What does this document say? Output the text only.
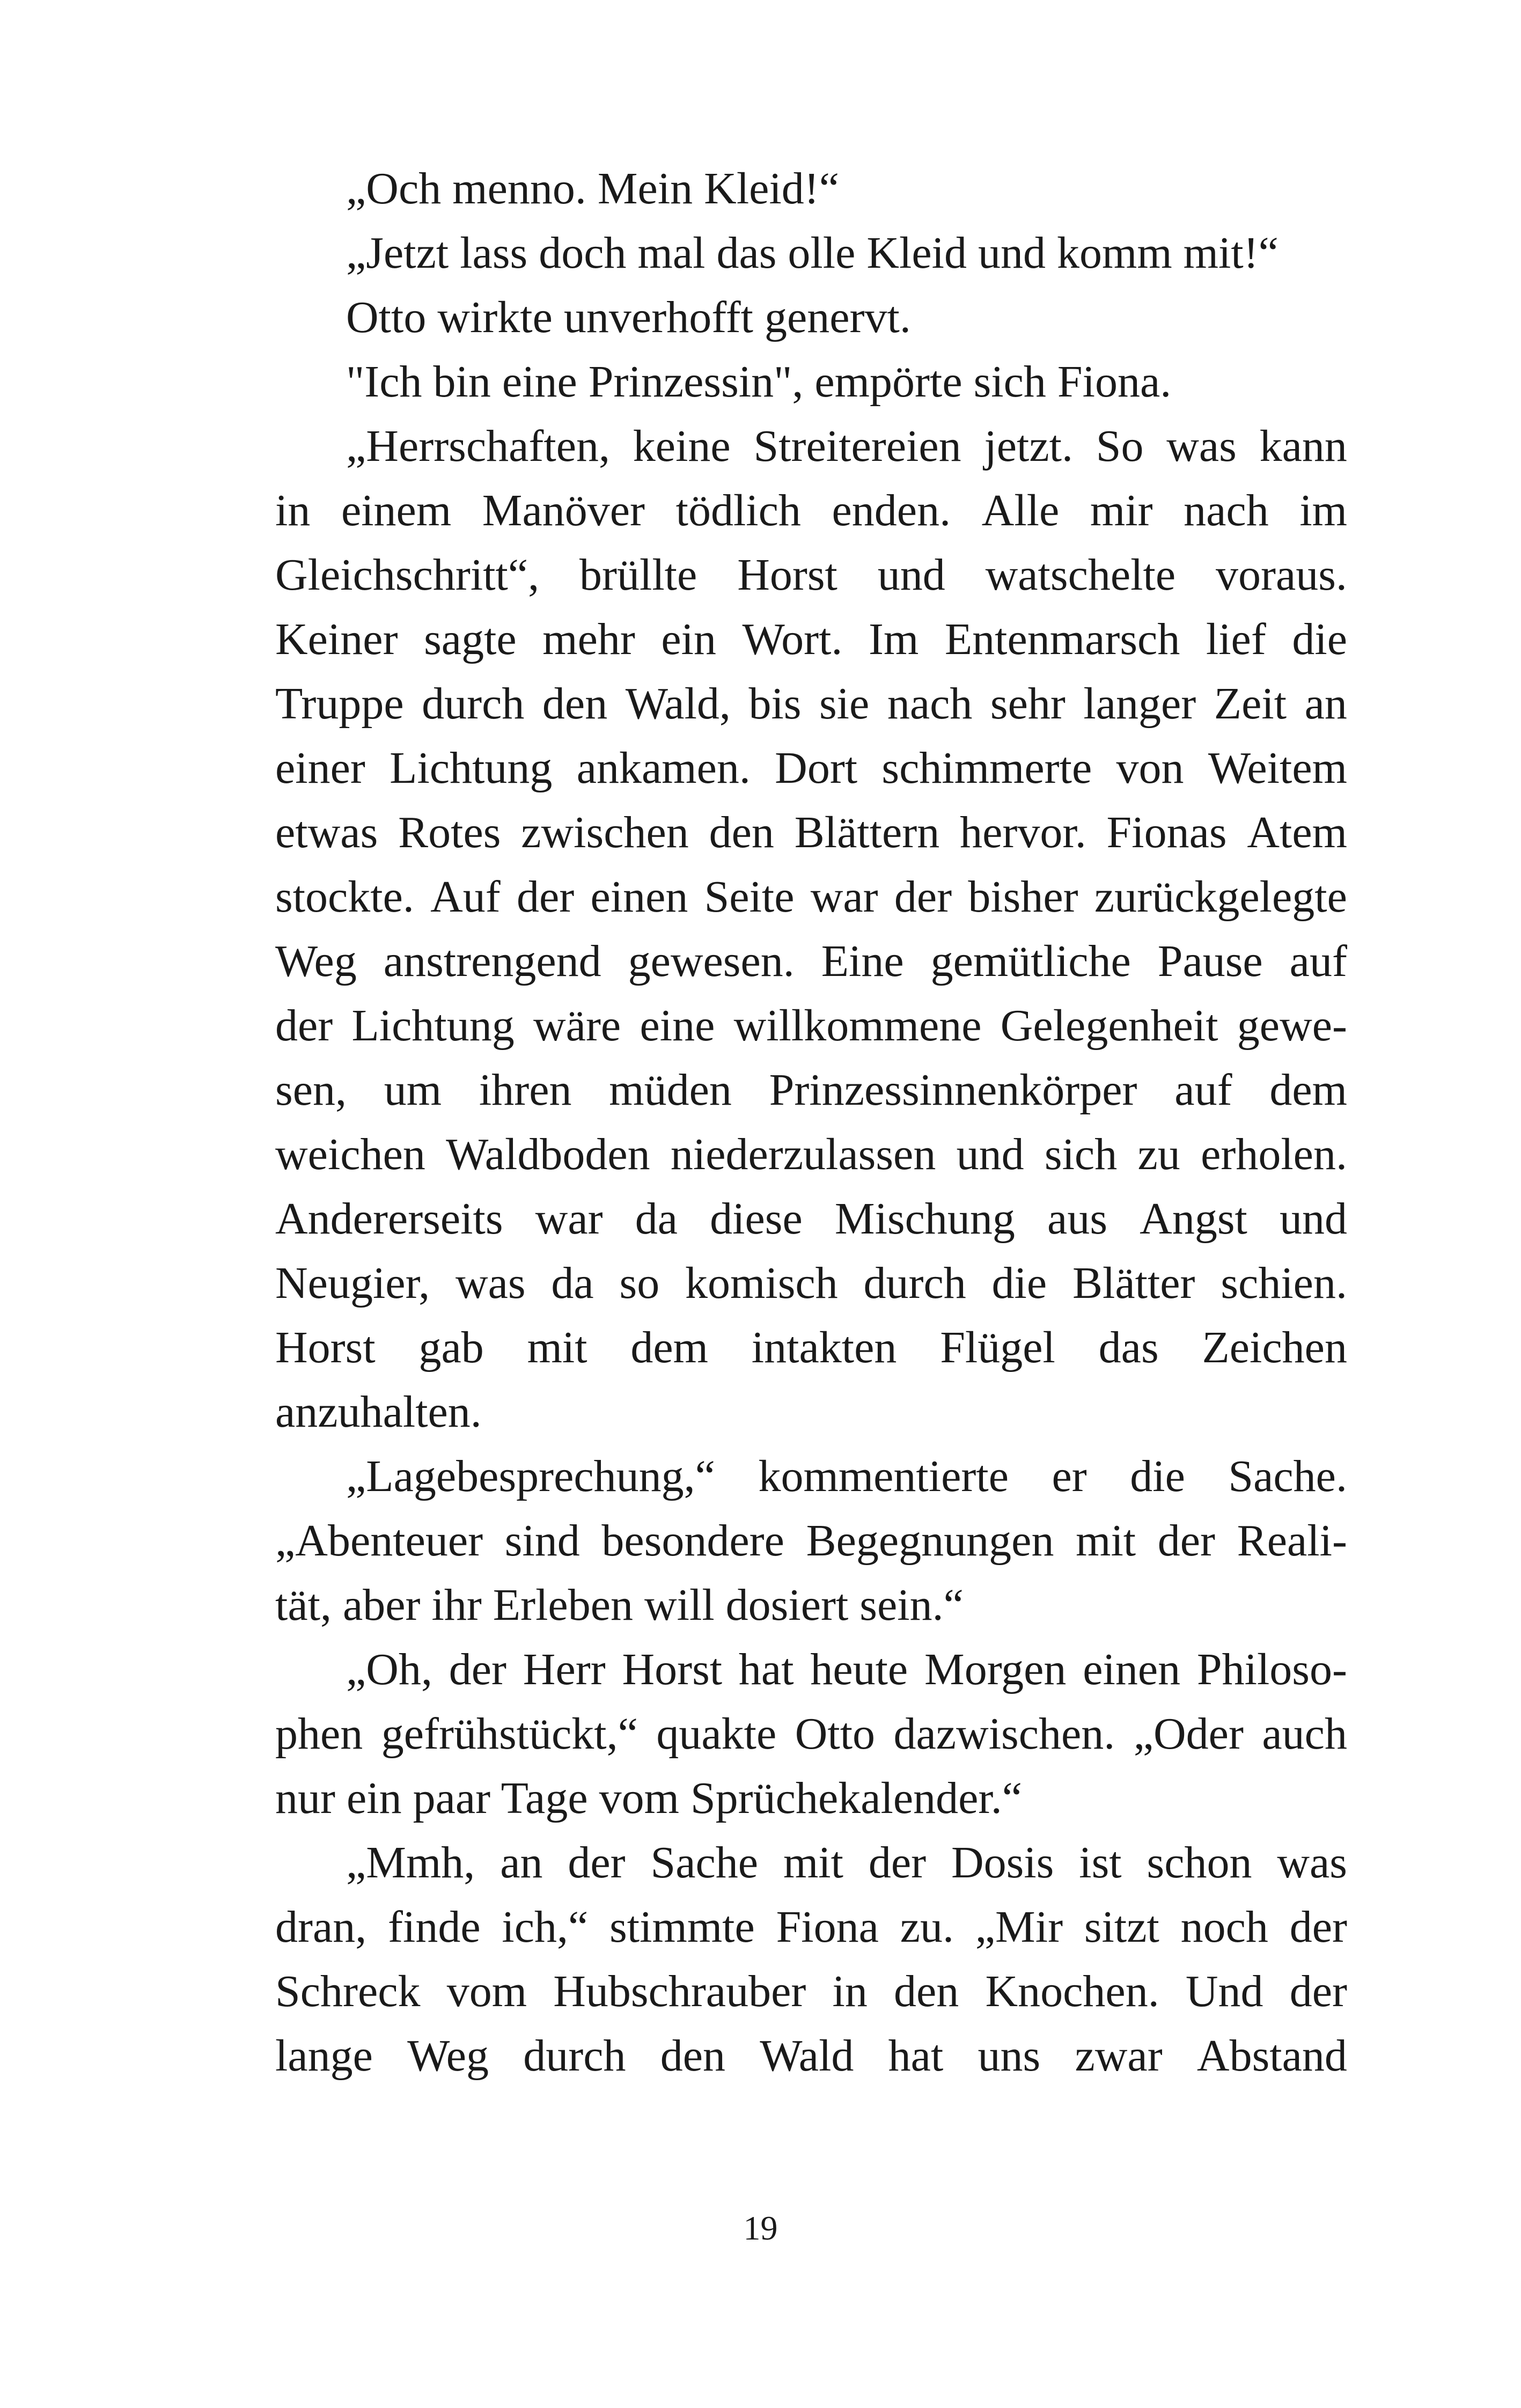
„Och menno. Mein Kleid!“
„Jetzt lass doch mal das olle Kleid und komm mit!“
Otto wirkte unverhofft genervt.
"Ich bin eine Prinzessin", empörte sich Fiona.
„Herrschaften, keine Streitereien jetzt. So was kann
in einem Manöver tödlich enden. Alle mir nach im
Gleichschritt“, brüllte Horst und watschelte voraus.
Keiner sagte mehr ein Wort. Im Entenmarsch lief die
Truppe durch den Wald, bis sie nach sehr langer Zeit an
einer Lichtung ankamen. Dort schimmerte von Weitem
etwas Rotes zwischen den Blättern hervor. Fionas Atem
stockte. Auf der einen Seite war der bisher zurückgelegte
Weg anstrengend gewesen. Eine gemütliche Pause auf
der Lichtung wäre eine willkommene Gelegenheit gewe-
sen, um ihren müden Prinzessinnenkörper auf dem
weichen Waldboden niederzulassen und sich zu erholen.
Andererseits war da diese Mischung aus Angst und
Neugier, was da so komisch durch die Blätter schien.
Horst gab mit dem intakten Flügel das Zeichen
anzuhalten.
„Lagebesprechung,“ kommentierte er die Sache.
„Abenteuer sind besondere Begegnungen mit der Reali-
tät, aber ihr Erleben will dosiert sein.“
„Oh, der Herr Horst hat heute Morgen einen Philoso-
phen gefrühstückt,“ quakte Otto dazwischen. „Oder auch
nur ein paar Tage vom Sprüchekalender.“
„Mmh, an der Sache mit der Dosis ist schon was
dran, finde ich,“ stimmte Fiona zu. „Mir sitzt noch der
Schreck vom Hubschrauber in den Knochen. Und der
lange Weg durch den Wald hat uns zwar Abstand
19
